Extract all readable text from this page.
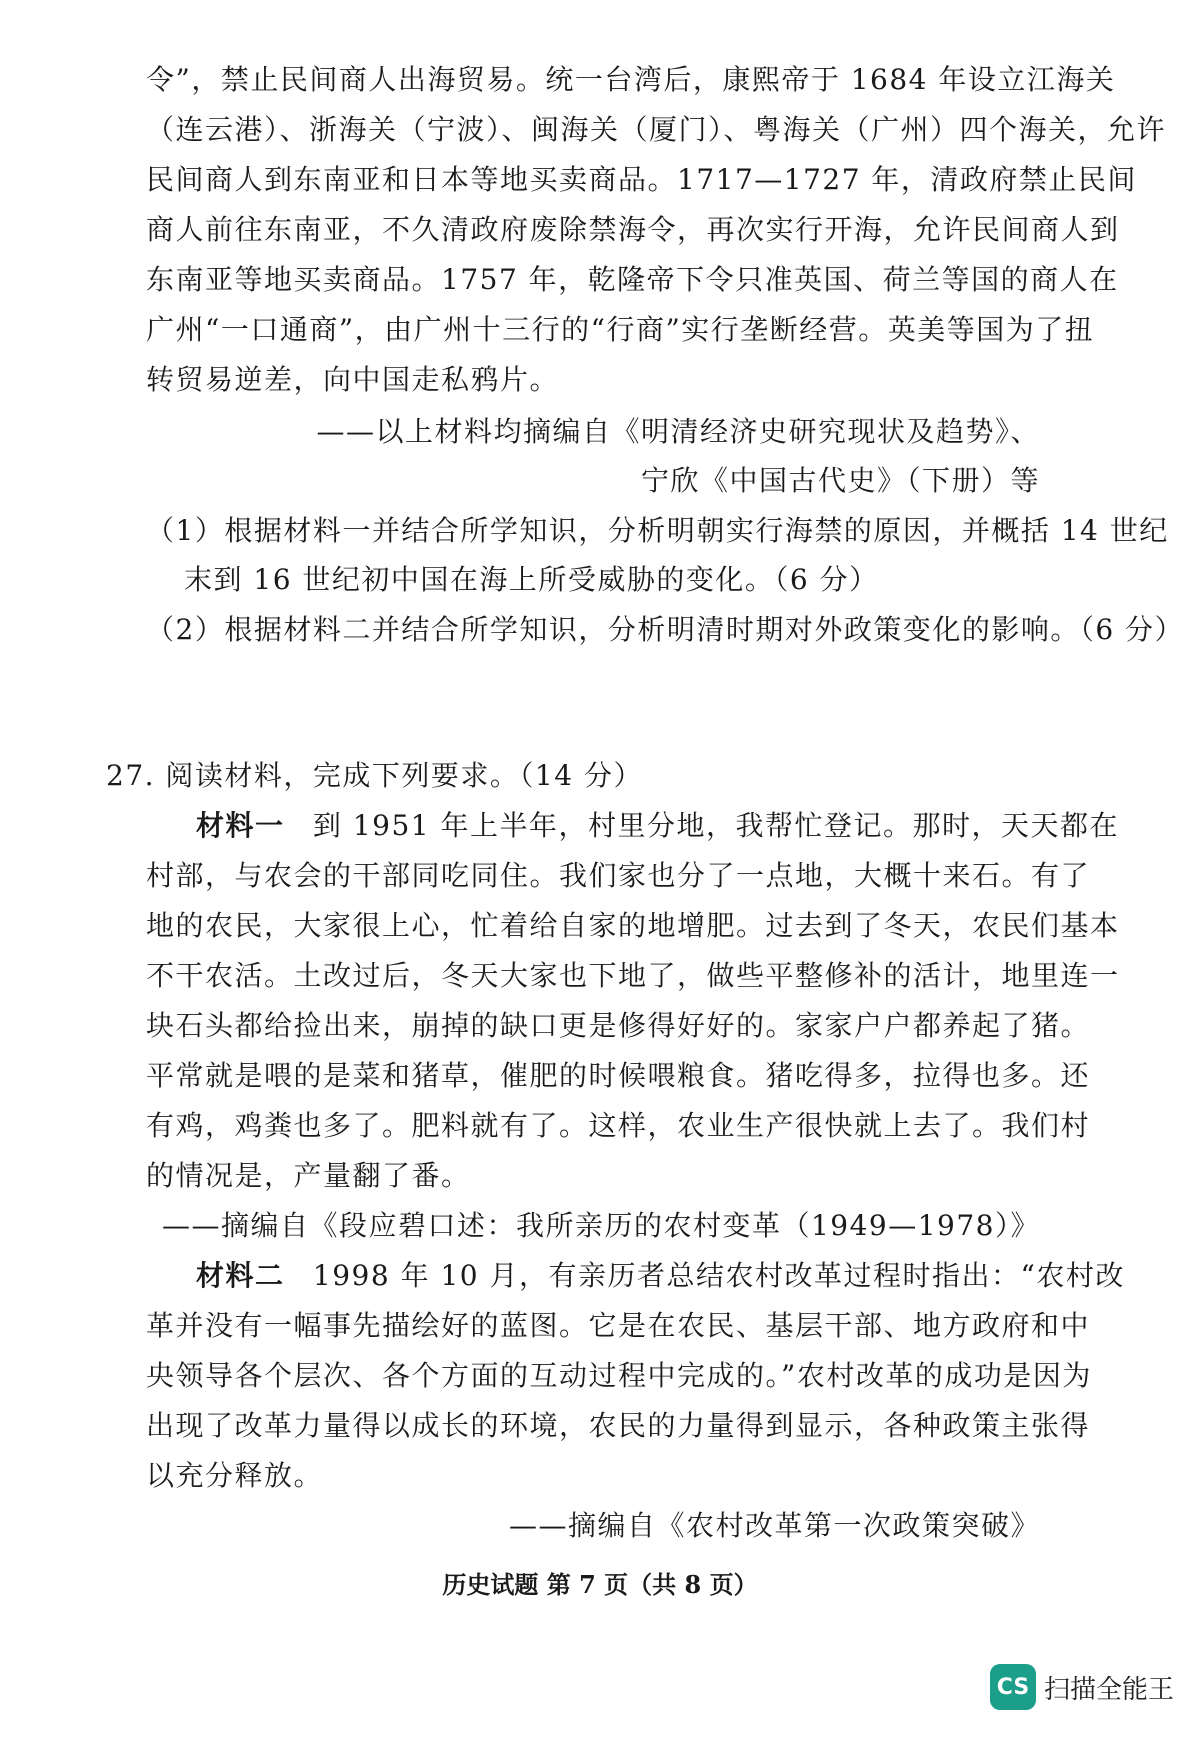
令”，禁止民间商人出海贸易。统一台湾后，康熙帝于 1684 年设立江海关
（连云港）、浙海关（宁波）、闽海关（厦门）、粤海关（广州）四个海关，允许
民间商人到东南亚和日本等地买卖商品。1717—1727 年，清政府禁止民间
商人前往东南亚，不久清政府废除禁海令，再次实行开海，允许民间商人到
东南亚等地买卖商品。1757 年，乾隆帝下令只准英国、荷兰等国的商人在
广州“一口通商”，由广州十三行的“行商”实行垄断经营。英美等国为了扭
转贸易逆差，向中国走私鸦片。
——以上材料均摘编自《明清经济史研究现状及趋势》、
宁欣《中国古代史》（下册）等
（1）根据材料一并结合所学知识，分析明朝实行海禁的原因，并概括 14 世纪
末到 16 世纪初中国在海上所受威胁的变化。（6 分）
（2）根据材料二并结合所学知识，分析明清时期对外政策变化的影响。（6 分）
27. 阅读材料，完成下列要求。（14 分）
材料一 到 1951 年上半年，村里分地，我帮忙登记。那时，天天都在
村部，与农会的干部同吃同住。我们家也分了一点地，大概十来石。有了
地的农民，大家很上心，忙着给自家的地增肥。过去到了冬天，农民们基本
不干农活。土改过后，冬天大家也下地了，做些平整修补的活计，地里连一
块石头都给捡出来，崩掉的缺口更是修得好好的。家家户户都养起了猪。
平常就是喂的是菜和猪草，催肥的时候喂粮食。猪吃得多，拉得也多。还
有鸡，鸡粪也多了。肥料就有了。这样，农业生产很快就上去了。我们村
的情况是，产量翻了番。
——摘编自《段应碧口述：我所亲历的农村变革（1949—1978）》
材料二 1998 年 10 月，有亲历者总结农村改革过程时指出：“农村改
革并没有一幅事先描绘好的蓝图。它是在农民、基层干部、地方政府和中
央领导各个层次、各个方面的互动过程中完成的。”农村改革的成功是因为
出现了改革力量得以成长的环境，农民的力量得到显示，各种政策主张得
以充分释放。
——摘编自《农村改革第一次政策突破》
历史试题 第 7 页（共 8 页）
CS 扫描全能王
